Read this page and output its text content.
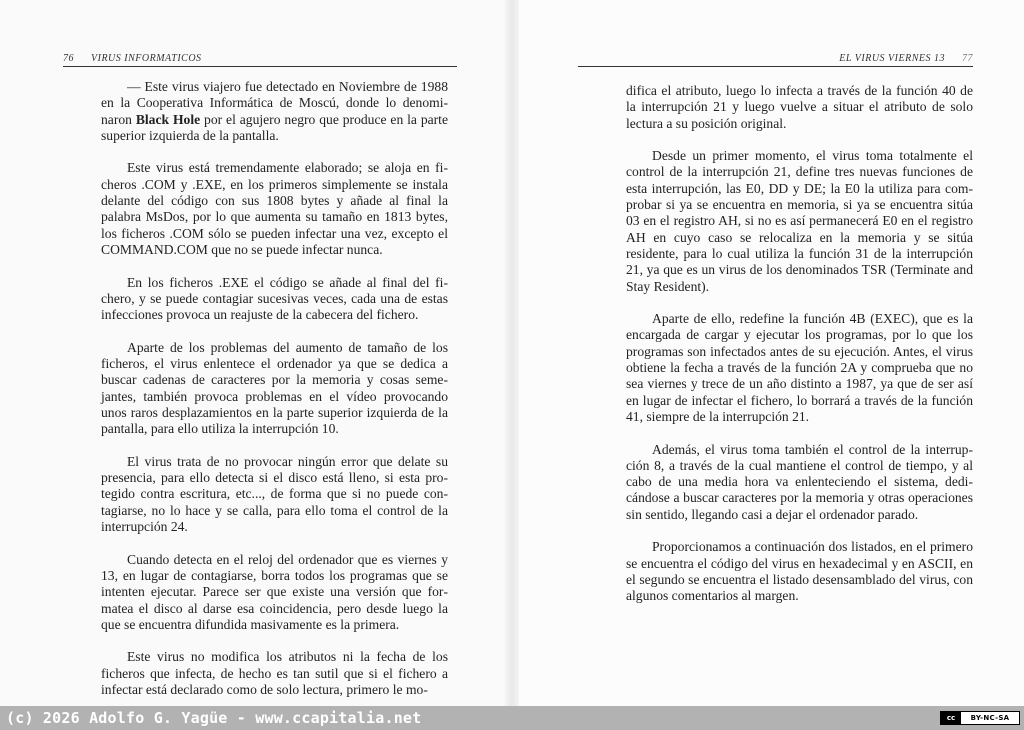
76 VIRUS INFORMATICOS	EL VIRUS VIERNES 13 77

— Este virus viajero fue detectado en Noviembre de 1988 en la Cooperativa Informática de Moscú, donde lo denominaron Black Hole por el agujero negro que produce en la parte superior izquierda de la pantalla.

Este virus está tremendamente elaborado; se aloja en ficheros .COM y .EXE, en los primeros simplemente se instala delante del código con sus 1808 bytes y añade al final la palabra MsDos, por lo que aumenta su tamaño en 1813 bytes, los ficheros .COM sólo se pueden infectar una vez, excepto el COMMAND.COM que no se puede infectar nunca.

En los ficheros .EXE el código se añade al final del fichero, y se puede contagiar sucesivas veces, cada una de estas infecciones provoca un reajuste de la cabecera del fichero.

Aparte de los problemas del aumento de tamaño de los ficheros, el virus enlentece el ordenador ya que se dedica a buscar cadenas de caracteres por la memoria y cosas semejantes, también provoca problemas en el vídeo provocando unos raros desplazamientos en la parte superior izquierda de la pantalla, para ello utiliza la interrupción 10.

El virus trata de no provocar ningún error que delate su presencia, para ello detecta si el disco está lleno, si esta protegido contra escritura, etc..., de forma que si no puede contagiarse, no lo hace y se calla, para ello toma el control de la interrupción 24.

Cuando detecta en el reloj del ordenador que es viernes y 13, en lugar de contagiarse, borra todos los programas que se intenten ejecutar. Parece ser que existe una versión que formatea el disco al darse esa coincidencia, pero desde luego la que se encuentra difundida masivamente es la primera.

Este virus no modifica los atributos ni la fecha de los ficheros que infecta, de hecho es tan sutil que si el fichero a infectar está declarado como de solo lectura, primero le mo-

difica el atributo, luego lo infecta a través de la función 40 de la interrupción 21 y luego vuelve a situar el atributo de solo lectura a su posición original.

Desde un primer momento, el virus toma totalmente el control de la interrupción 21, define tres nuevas funciones de esta interrupción, las E0, DD y DE; la E0 la utiliza para comprobar si ya se encuentra en memoria, si ya se encuentra sitúa 03 en el registro AH, si no es así permanecerá E0 en el registro AH en cuyo caso se relocaliza en la memoria y se sitúa residente, para lo cual utiliza la función 31 de la interrupción 21, ya que es un virus de los denominados TSR (Terminate and Stay Resident).

Aparte de ello, redefine la función 4B (EXEC), que es la encargada de cargar y ejecutar los programas, por lo que los programas son infectados antes de su ejecución. Antes, el virus obtiene la fecha a través de la función 2A y comprueba que no sea viernes y trece de un año distinto a 1987, ya que de ser así en lugar de infectar el fichero, lo borrará a través de la función 41, siempre de la interrupción 21.

Además, el virus toma también el control de la interrupción 8, a través de la cual mantiene el control de tiempo, y al cabo de una media hora va enlenteciendo el sistema, dedicándose a buscar caracteres por la memoria y otras operaciones sin sentido, llegando casi a dejar el ordenador parado.

Proporcionamos a continuación dos listados, en el primero se encuentra el código del virus en hexadecimal y en ASCII, en el segundo se encuentra el listado desensamblado del virus, con algunos comentarios al margen.

(c) 2026 Adolfo G. Yagüe - www.ccapitalia.net	cc	BY-NC-SA
